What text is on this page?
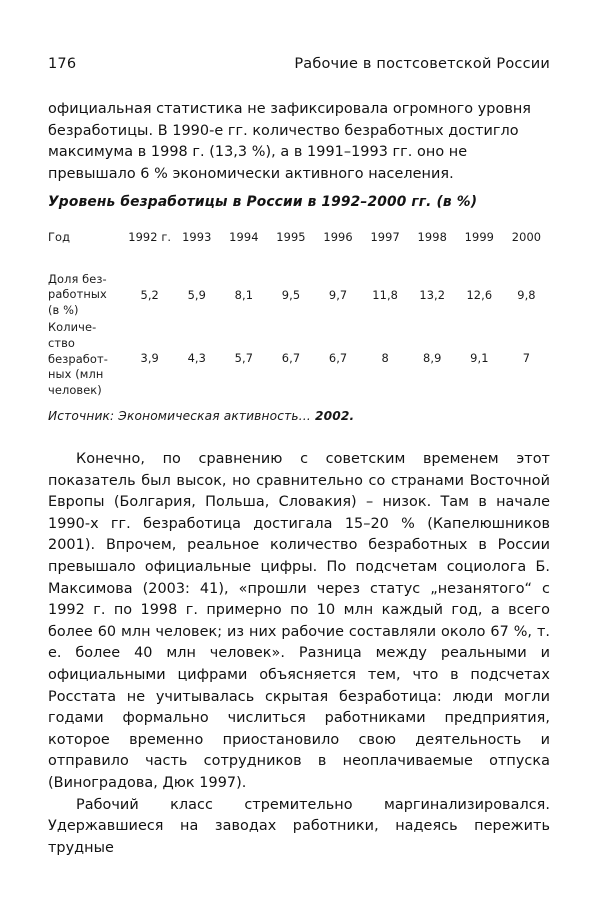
176	Рабочие в постсоветской России
официальная статистика не зафиксировала огромного уровня безработицы. В 1990-е гг. количество безработных достигло максимума в 1998 г. (13,3 %), а в 1991–1993 гг. оно не превышало 6 % экономически активного населения.
Уровень безработицы в России в 1992–2000 гг. (в %)
Год	1992 г.	1993	1994	1995	1996	1997	1998	1999	2000

Доля без-работных (в %)	5,2	5,9	8,1	9,5	9,7	11,8	13,2	12,6	9,8

Количе-ство безработ-ных (млн человек)	3,9	4,3	5,7	6,7	6,7	8	8,9	9,1	7
Источник: Экономическая активность… 2002.

Конечно, по сравнению с советским временем этот показатель был высок, но сравнительно со странами Восточной Европы (Болгария, Польша, Словакия) – низок. Там в начале 1990-х гг. безработица достигала 15–20 % (Капелюшников 2001). Впрочем, реальное количество безработных в России превышало официальные цифры. По подсчетам социолога Б. Максимова (2003: 41), «прошли через статус „незанятого“ с 1992 г. по 1998 г. примерно по 10 млн каждый год, а всего более 60 млн человек; из них рабочие составляли около 67 %, т. е. более 40 млн человек». Разница между реальными и официальными цифрами объясняется тем, что в подсчетах Росстата не учитывалась скрытая безработица: люди могли годами формально числиться работниками предприятия, которое временно приостановило свою деятельность и отправило часть сотрудников в неоплачиваемые отпуска (Виноградова, Дюк 1997).

Рабочий класс стремительно маргинализировался. Удержавшиеся на заводах работники, надеясь пережить трудные
